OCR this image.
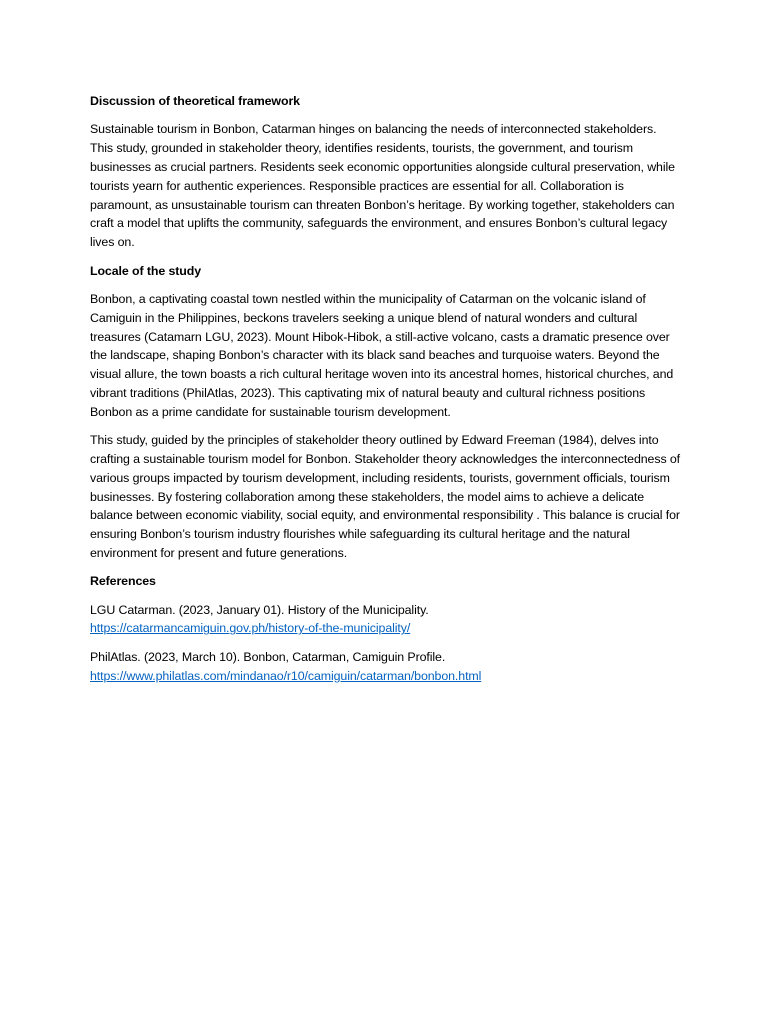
Discussion of theoretical framework

Sustainable tourism in Bonbon, Catarman hinges on balancing the needs of interconnected stakeholders. This study, grounded in stakeholder theory, identifies residents, tourists, the government, and tourism businesses as crucial partners. Residents seek economic opportunities alongside cultural preservation, while tourists yearn for authentic experiences. Responsible practices are essential for all. Collaboration is paramount, as unsustainable tourism can threaten Bonbon’s heritage. By working together, stakeholders can craft a model that uplifts the community, safeguards the environment, and ensures Bonbon’s cultural legacy lives on.

Locale of the study

Bonbon, a captivating coastal town nestled within the municipality of Catarman on the volcanic island of Camiguin in the Philippines, beckons travelers seeking a unique blend of natural wonders and cultural treasures (Catamarn LGU, 2023). Mount Hibok-Hibok, a still-active volcano, casts a dramatic presence over the landscape, shaping Bonbon’s character with its black sand beaches and turquoise waters. Beyond the visual allure, the town boasts a rich cultural heritage woven into its ancestral homes, historical churches, and vibrant traditions (PhilAtlas, 2023). This captivating mix of natural beauty and cultural richness positions Bonbon as a prime candidate for sustainable tourism development.

This study, guided by the principles of stakeholder theory outlined by Edward Freeman (1984), delves into crafting a sustainable tourism model for Bonbon. Stakeholder theory acknowledges the interconnectedness of various groups impacted by tourism development, including residents, tourists, government officials, tourism businesses. By fostering collaboration among these stakeholders, the model aims to achieve a delicate balance between economic viability, social equity, and environmental responsibility . This balance is crucial for ensuring Bonbon’s tourism industry flourishes while safeguarding its cultural heritage and the natural environment for present and future generations.

References
LGU Catarman. (2023, January 01). History of the Municipality.
https://catarmancamiguin.gov.ph/history-of-the-municipality/
PhilAtlas. (2023, March 10). Bonbon, Catarman, Camiguin Profile.
https://www.philatlas.com/mindanao/r10/camiguin/catarman/bonbon.html
